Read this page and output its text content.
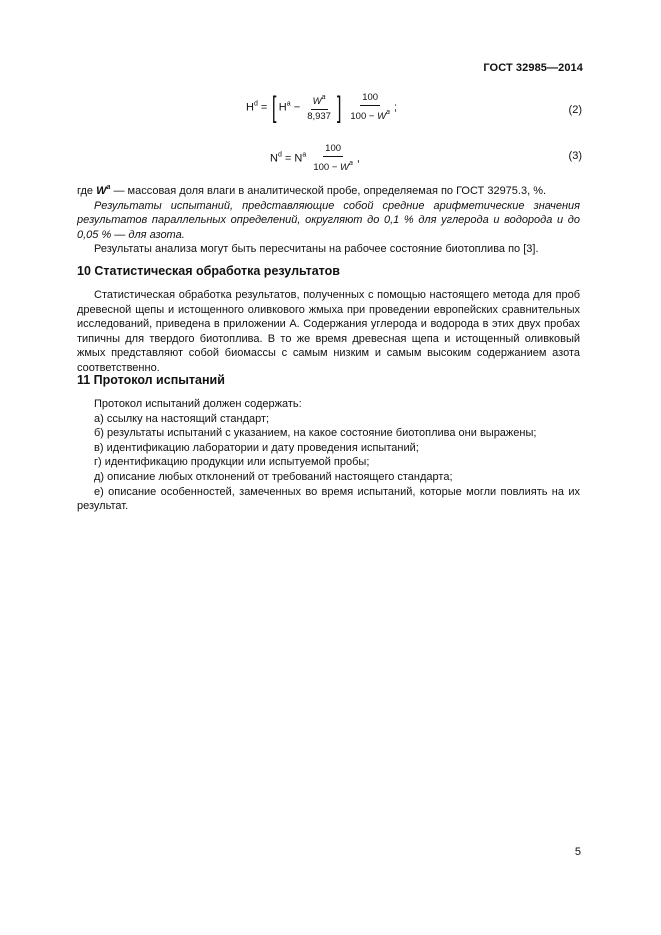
ГОСТ 32985—2014
$H^d$ = [ $H^a - \frac{W^a}{8,937}$ ] $\frac{100}{100 - W^a}$ ;	(2)
$N^d = N^a \frac{100}{100 - W^a}$ ,	(3)

где $W^a$ — массовая доля влаги в аналитической пробе, определяемая по ГОСТ 32975.3, %.

Результаты испытаний, представляющие собой средние арифметические значения результатов параллельных определений, округляют до 0,1 % для углерода и водорода и до 0,05 % — для азота.

Результаты анализа могут быть пересчитаны на рабочее состояние биотоплива по [3].

10 Статистическая обработка результатов

Статистическая обработка результатов, полученных с помощью настоящего метода для проб древесной щепы и истощенного оливкового жмыха при проведении европейских сравнительных исследований, приведена в приложении А. Содержания углерода и водорода в этих двух пробах типичны для твердого биотоплива. В то же время древесная щепа и истощенный оливковый жмых представляют собой биомассы с самым низким и самым высоким содержанием азота соответственно.

11 Протокол испытаний

Протокол испытаний должен содержать:

а) ссылку на настоящий стандарт;

б) результаты испытаний с указанием, на какое состояние биотоплива они выражены;

в) идентификацию лаборатории и дату проведения испытаний;

г) идентификацию продукции или испытуемой пробы;

д) описание любых отклонений от требований настоящего стандарта;

е) описание особенностей, замеченных во время испытаний, которые могли повлиять на их результат.

5
